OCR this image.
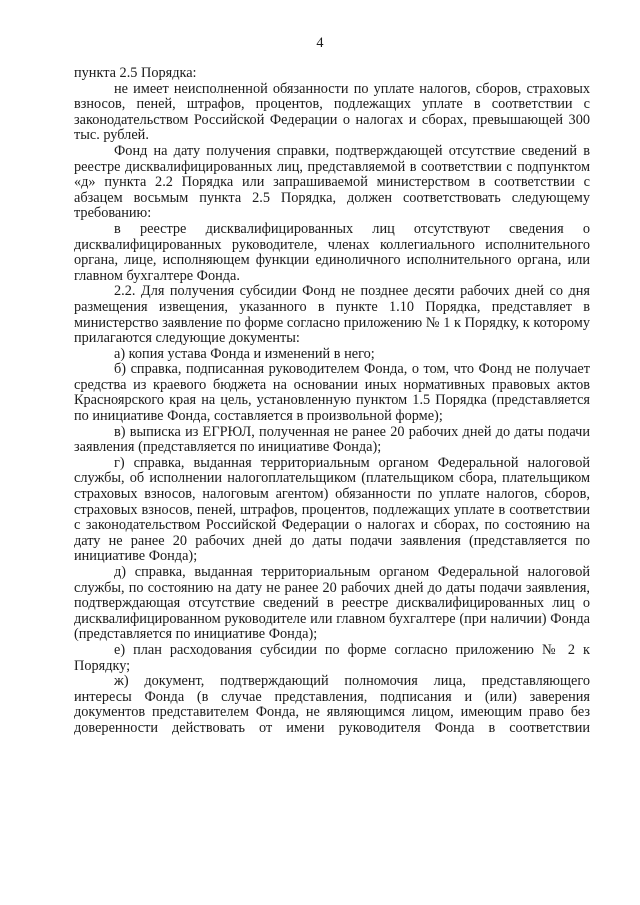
4

пункта 2.5 Порядка:

не имеет неисполненной обязанности по уплате налогов, сборов, страховых взносов, пеней, штрафов, процентов, подлежащих уплате в соответствии с законодательством Российской Федерации о налогах и сборах, превышающей 300 тыс. рублей.

Фонд на дату получения справки, подтверждающей отсутствие сведений в реестре дисквалифицированных лиц, представляемой в соответствии с подпунктом «д» пункта 2.2 Порядка или запрашиваемой министерством в соответствии с абзацем восьмым пункта 2.5 Порядка, должен соответствовать следующему требованию:

в реестре дисквалифицированных лиц отсутствуют сведения о дисквалифицированных руководителе, членах коллегиального исполнительного органа, лице, исполняющем функции единоличного исполнительного органа, или главном бухгалтере Фонда.

2.2. Для получения субсидии Фонд не позднее десяти рабочих дней со дня размещения извещения, указанного в пункте 1.10 Порядка, представляет в министерство заявление по форме согласно приложению № 1 к Порядку, к которому прилагаются следующие документы:

а) копия устава Фонда и изменений в него;

б) справка, подписанная руководителем Фонда, о том, что Фонд не получает средства из краевого бюджета на основании иных нормативных правовых актов Красноярского края на цель, установленную пунктом 1.5 Порядка (представляется по инициативе Фонда, составляется в произвольной форме);

в) выписка из ЕГРЮЛ, полученная не ранее 20 рабочих дней до даты подачи заявления (представляется по инициативе Фонда);

г) справка, выданная территориальным органом Федеральной налоговой службы, об исполнении налогоплательщиком (плательщиком сбора, плательщиком страховых взносов, налоговым агентом) обязанности по уплате налогов, сборов, страховых взносов, пеней, штрафов, процентов, подлежащих уплате в соответствии с законодательством Российской Федерации о налогах и сборах, по состоянию на дату не ранее 20 рабочих дней до даты подачи заявления (представляется по инициативе Фонда);

д) справка, выданная территориальным органом Федеральной налоговой службы, по состоянию на дату не ранее 20 рабочих дней до даты подачи заявления, подтверждающая отсутствие сведений в реестре дисквалифицированных лиц о дисквалифицированном руководителе или главном бухгалтере (при наличии) Фонда (представляется по инициативе Фонда);

е) план расходования субсидии по форме согласно приложению № 2 к Порядку;

ж) документ, подтверждающий полномочия лица, представляющего интересы Фонда (в случае представления, подписания и (или) заверения документов представителем Фонда, не являющимся лицом, имеющим право без доверенности действовать от имени руководителя Фонда в соответствии
